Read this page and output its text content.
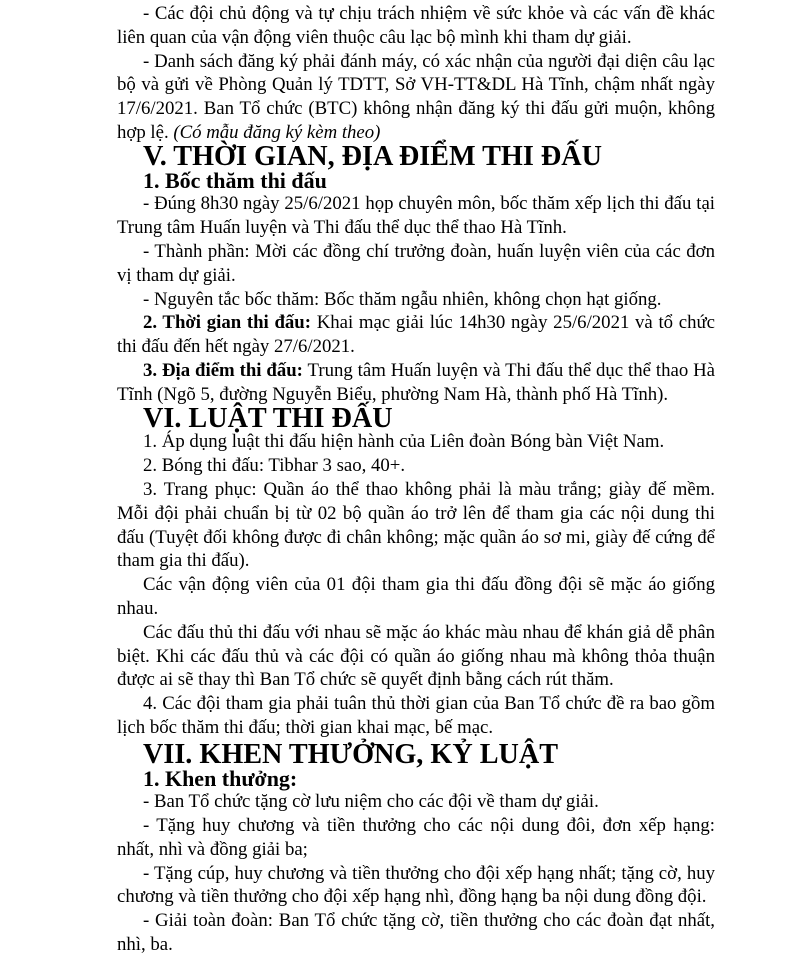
- Các đội chủ động và tự chịu trách nhiệm về sức khỏe và các vấn đề khác liên quan của vận động viên thuộc câu lạc bộ mình khi tham dự giải.

- Danh sách đăng ký phải đánh máy, có xác nhận của người đại diện câu lạc bộ và gửi về Phòng Quản lý TDTT, Sở VH-TT&DL Hà Tĩnh, chậm nhất ngày 17/6/2021. Ban Tổ chức (BTC) không nhận đăng ký thi đấu gửi muộn, không hợp lệ. (Có mẫu đăng ký kèm theo)

V. THỜI GIAN, ĐỊA ĐIỂM THI ĐẤU
1. Bốc thăm thi đấu

- Đúng 8h30 ngày 25/6/2021 họp chuyên môn, bốc thăm xếp lịch thi đấu tại Trung tâm Huấn luyện và Thi đấu thể dục thể thao Hà Tĩnh.

- Thành phần: Mời các đồng chí trưởng đoàn, huấn luyện viên của các đơn vị tham dự giải.

- Nguyên tắc bốc thăm: Bốc thăm ngẫu nhiên, không chọn hạt giống.

2. Thời gian thi đấu: Khai mạc giải lúc 14h30 ngày 25/6/2021 và tổ chức thi đấu đến hết ngày 27/6/2021.

3. Địa điểm thi đấu: Trung tâm Huấn luyện và Thi đấu thể dục thể thao Hà Tĩnh (Ngõ 5, đường Nguyễn Biểu, phường Nam Hà, thành phố Hà Tĩnh).

VI. LUẬT THI ĐẤU

1. Áp dụng luật thi đấu hiện hành của Liên đoàn Bóng bàn Việt Nam.

2. Bóng thi đấu: Tibhar 3 sao, 40+.

3. Trang phục: Quần áo thể thao không phải là màu trắng; giày đế mềm. Mỗi đội phải chuẩn bị từ 02 bộ quần áo trở lên để tham gia các nội dung thi đấu (Tuyệt đối không được đi chân không; mặc quần áo sơ mi, giày đế cứng để tham gia thi đấu).

Các vận động viên của 01 đội tham gia thi đấu đồng đội sẽ mặc áo giống nhau.

Các đấu thủ thi đấu với nhau sẽ mặc áo khác màu nhau để khán giả dễ phân biệt. Khi các đấu thủ và các đội có quần áo giống nhau mà không thỏa thuận được ai sẽ thay thì Ban Tổ chức sẽ quyết định bằng cách rút thăm.

4. Các đội tham gia phải tuân thủ thời gian của Ban Tổ chức đề ra bao gồm lịch bốc thăm thi đấu; thời gian khai mạc, bế mạc.

VII. KHEN THƯỞNG, KỶ LUẬT
1. Khen thưởng:

- Ban Tổ chức tặng cờ lưu niệm cho các đội về tham dự giải.

- Tặng huy chương và tiền thưởng cho các nội dung đôi, đơn xếp hạng: nhất, nhì và đồng giải ba;

- Tặng cúp, huy chương và tiền thưởng cho đội xếp hạng nhất; tặng cờ, huy chương và tiền thưởng cho đội xếp hạng nhì, đồng hạng ba nội dung đồng đội.

- Giải toàn đoàn: Ban Tổ chức tặng cờ, tiền thưởng cho các đoàn đạt nhất, nhì, ba.
